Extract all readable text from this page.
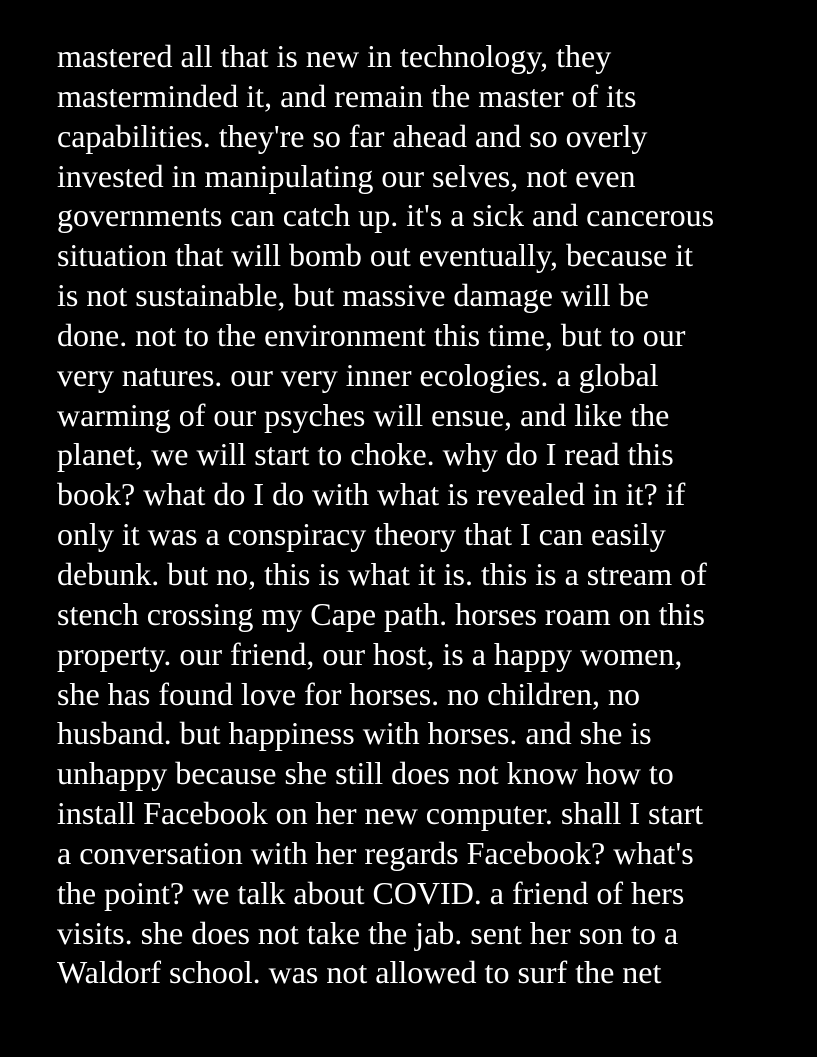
mastered all that is new in technology, they
masterminded it, and remain the master of its
capabilities. they're so far ahead and so overly
invested in manipulating our selves, not even
governments can catch up. it's a sick and cancerous
situation that will bomb out eventually, because it
is not sustainable, but massive damage will be
done. not to the environment this time, but to our
very natures. our very inner ecologies. a global
warming of our psyches will ensue, and like the
planet, we will start to choke. why do I read this
book? what do I do with what is revealed in it? if
only it was a conspiracy theory that I can easily
debunk. but no, this is what it is. this is a stream of
stench crossing my Cape path. horses roam on this
property. our friend, our host, is a happy women,
she has found love for horses. no children, no
husband. but happiness with horses. and she is
unhappy because she still does not know how to
install Facebook on her new computer. shall I start
a conversation with her regards Facebook? what's
the point? we talk about COVID. a friend of hers
visits. she does not take the jab. sent her son to a
Waldorf school. was not allowed to surf the net
